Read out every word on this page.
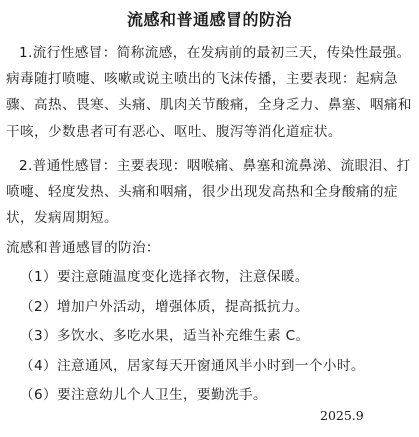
流感和普通感冒的防治
1.流行性感冒：简称流感，在发病前的最初三天，传染性最强。病毒随打喷嚏、咳嗽或说主喷出的飞沫传播，主要表现：起病急骤、高热、畏寒、头痛、肌肉关节酸痛，全身乏力、鼻塞、咽痛和干咳，少数患者可有恶心、呕吐、腹泻等消化道症状。
2.普通性感冒：主要表现：咽喉痛、鼻塞和流鼻涕、流眼泪、打喷嚏、轻度发热、头痛和咽痛，很少出现发高热和全身酸痛的症状，发病周期短。
流感和普通感冒的防治：
（1）要注意随温度变化选择衣物，注意保暖。
（2）增加户外活动，增强体质，提高抵抗力。
（3）多饮水、多吃水果，适当补充维生素 C。
（4）注意通风，居家每天开窗通风半小时到一个小时。
（6）要注意幼儿个人卫生，要勤洗手。
2025.9
